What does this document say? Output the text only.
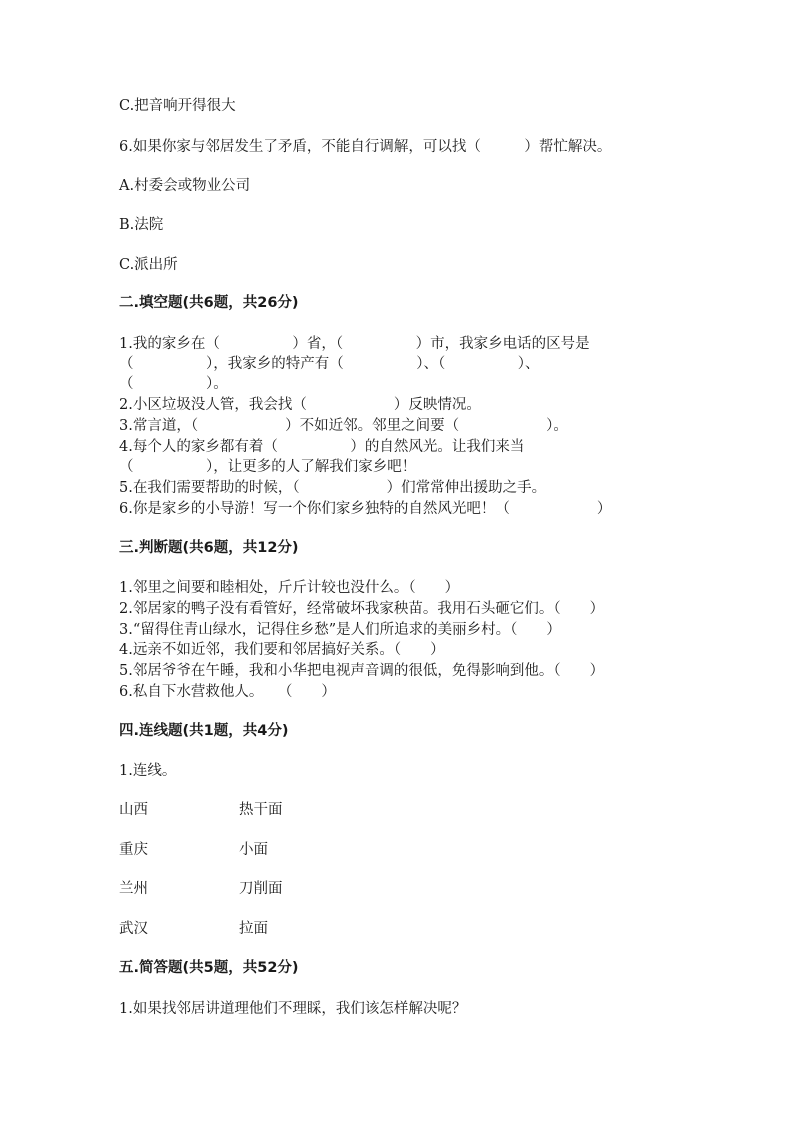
C.把音响开得很大

6.如果你家与邻居发生了矛盾，不能自行调解，可以找（　　　）帮忙解决。

A.村委会或物业公司

B.法院

C.派出所

二.填空题(共6题，共26分)

1.我的家乡在（　　　　　）省，（　　　　　）市，我家乡电话的区号是

（　　　　　），我家乡的特产有（　　　　　）、（　　　　　）、

（　　　　　）。

2.小区垃圾没人管，我会找（　　　　　　）反映情况。

3.常言道，（　　　　　　）不如近邻。邻里之间要（　　　　　　）。

4.每个人的家乡都有着（　　　　　）的自然风光。让我们来当

（　　　　　），让更多的人了解我们家乡吧！

5.在我们需要帮助的时候，（　　　　　　）们常常伸出援助之手。

6.你是家乡的小导游！写一个你们家乡独特的自然风光吧！（　　　　　　）

三.判断题(共6题，共12分)

1.邻里之间要和睦相处，斤斤计较也没什么。（　　）

2.邻居家的鸭子没有看管好，经常破坏我家秧苗。我用石头砸它们。（　　）

3.“留得住青山绿水，记得住乡愁”是人们所追求的美丽乡村。（　　）

4.远亲不如近邻，我们要和邻居搞好关系。（　　）

5.邻居爷爷在午睡，我和小华把电视声音调的很低，免得影响到他。（　　）

6.私自下水营救他人。　　（　　）

四.连线题(共1题，共4分)

1.连线。

山西	热干面

重庆	小面

兰州	刀削面

武汉	拉面

五.简答题(共5题，共52分)

1.如果找邻居讲道理他们不理睬，我们该怎样解决呢？
